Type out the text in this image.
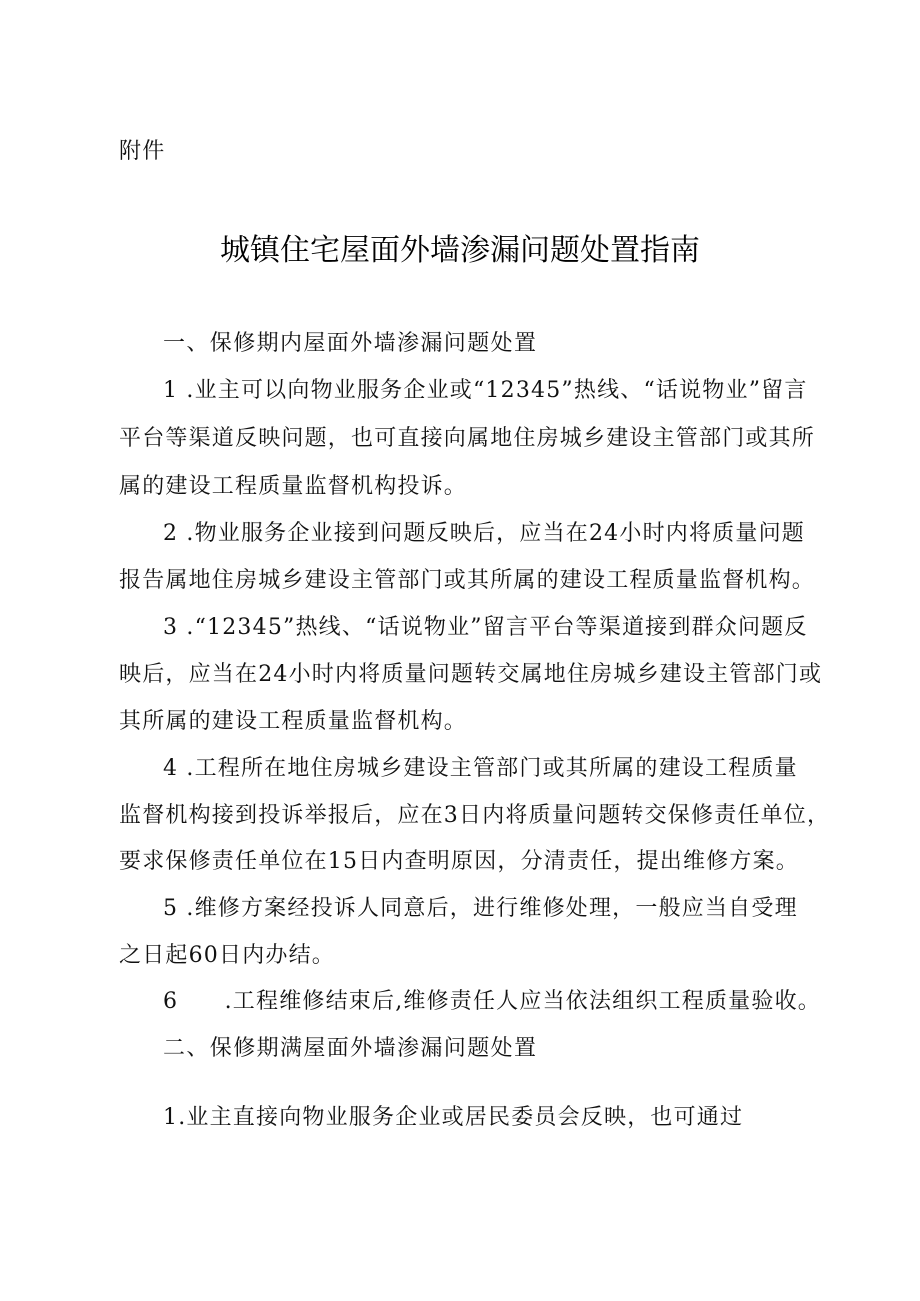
附件
城镇住宅屋面外墙渗漏问题处置指南
一、保修期内屋面外墙渗漏问题处置
1 .业主可以向物业服务企业或“12345”热线、“话说物业”留言
平台等渠道反映问题，也可直接向属地住房城乡建设主管部门或其所
属的建设工程质量监督机构投诉。
2 .物业服务企业接到问题反映后，应当在24小时内将质量问题
报告属地住房城乡建设主管部门或其所属的建设工程质量监督机构。
3 .“12345”热线、“话说物业”留言平台等渠道接到群众问题反
映后，应当在24小时内将质量问题转交属地住房城乡建设主管部门或
其所属的建设工程质量监督机构。
4 .工程所在地住房城乡建设主管部门或其所属的建设工程质量
监督机构接到投诉举报后，应在3日内将质量问题转交保修责任单位，
要求保修责任单位在15日内查明原因，分清责任，提出维修方案。
5 .维修方案经投诉人同意后，进行维修处理，一般应当自受理
之日起60日内办结。
6　　.工程维修结束后,维修责任人应当依法组织工程质量验收。
二、保修期满屋面外墙渗漏问题处置
1.业主直接向物业服务企业或居民委员会反映，也可通过
